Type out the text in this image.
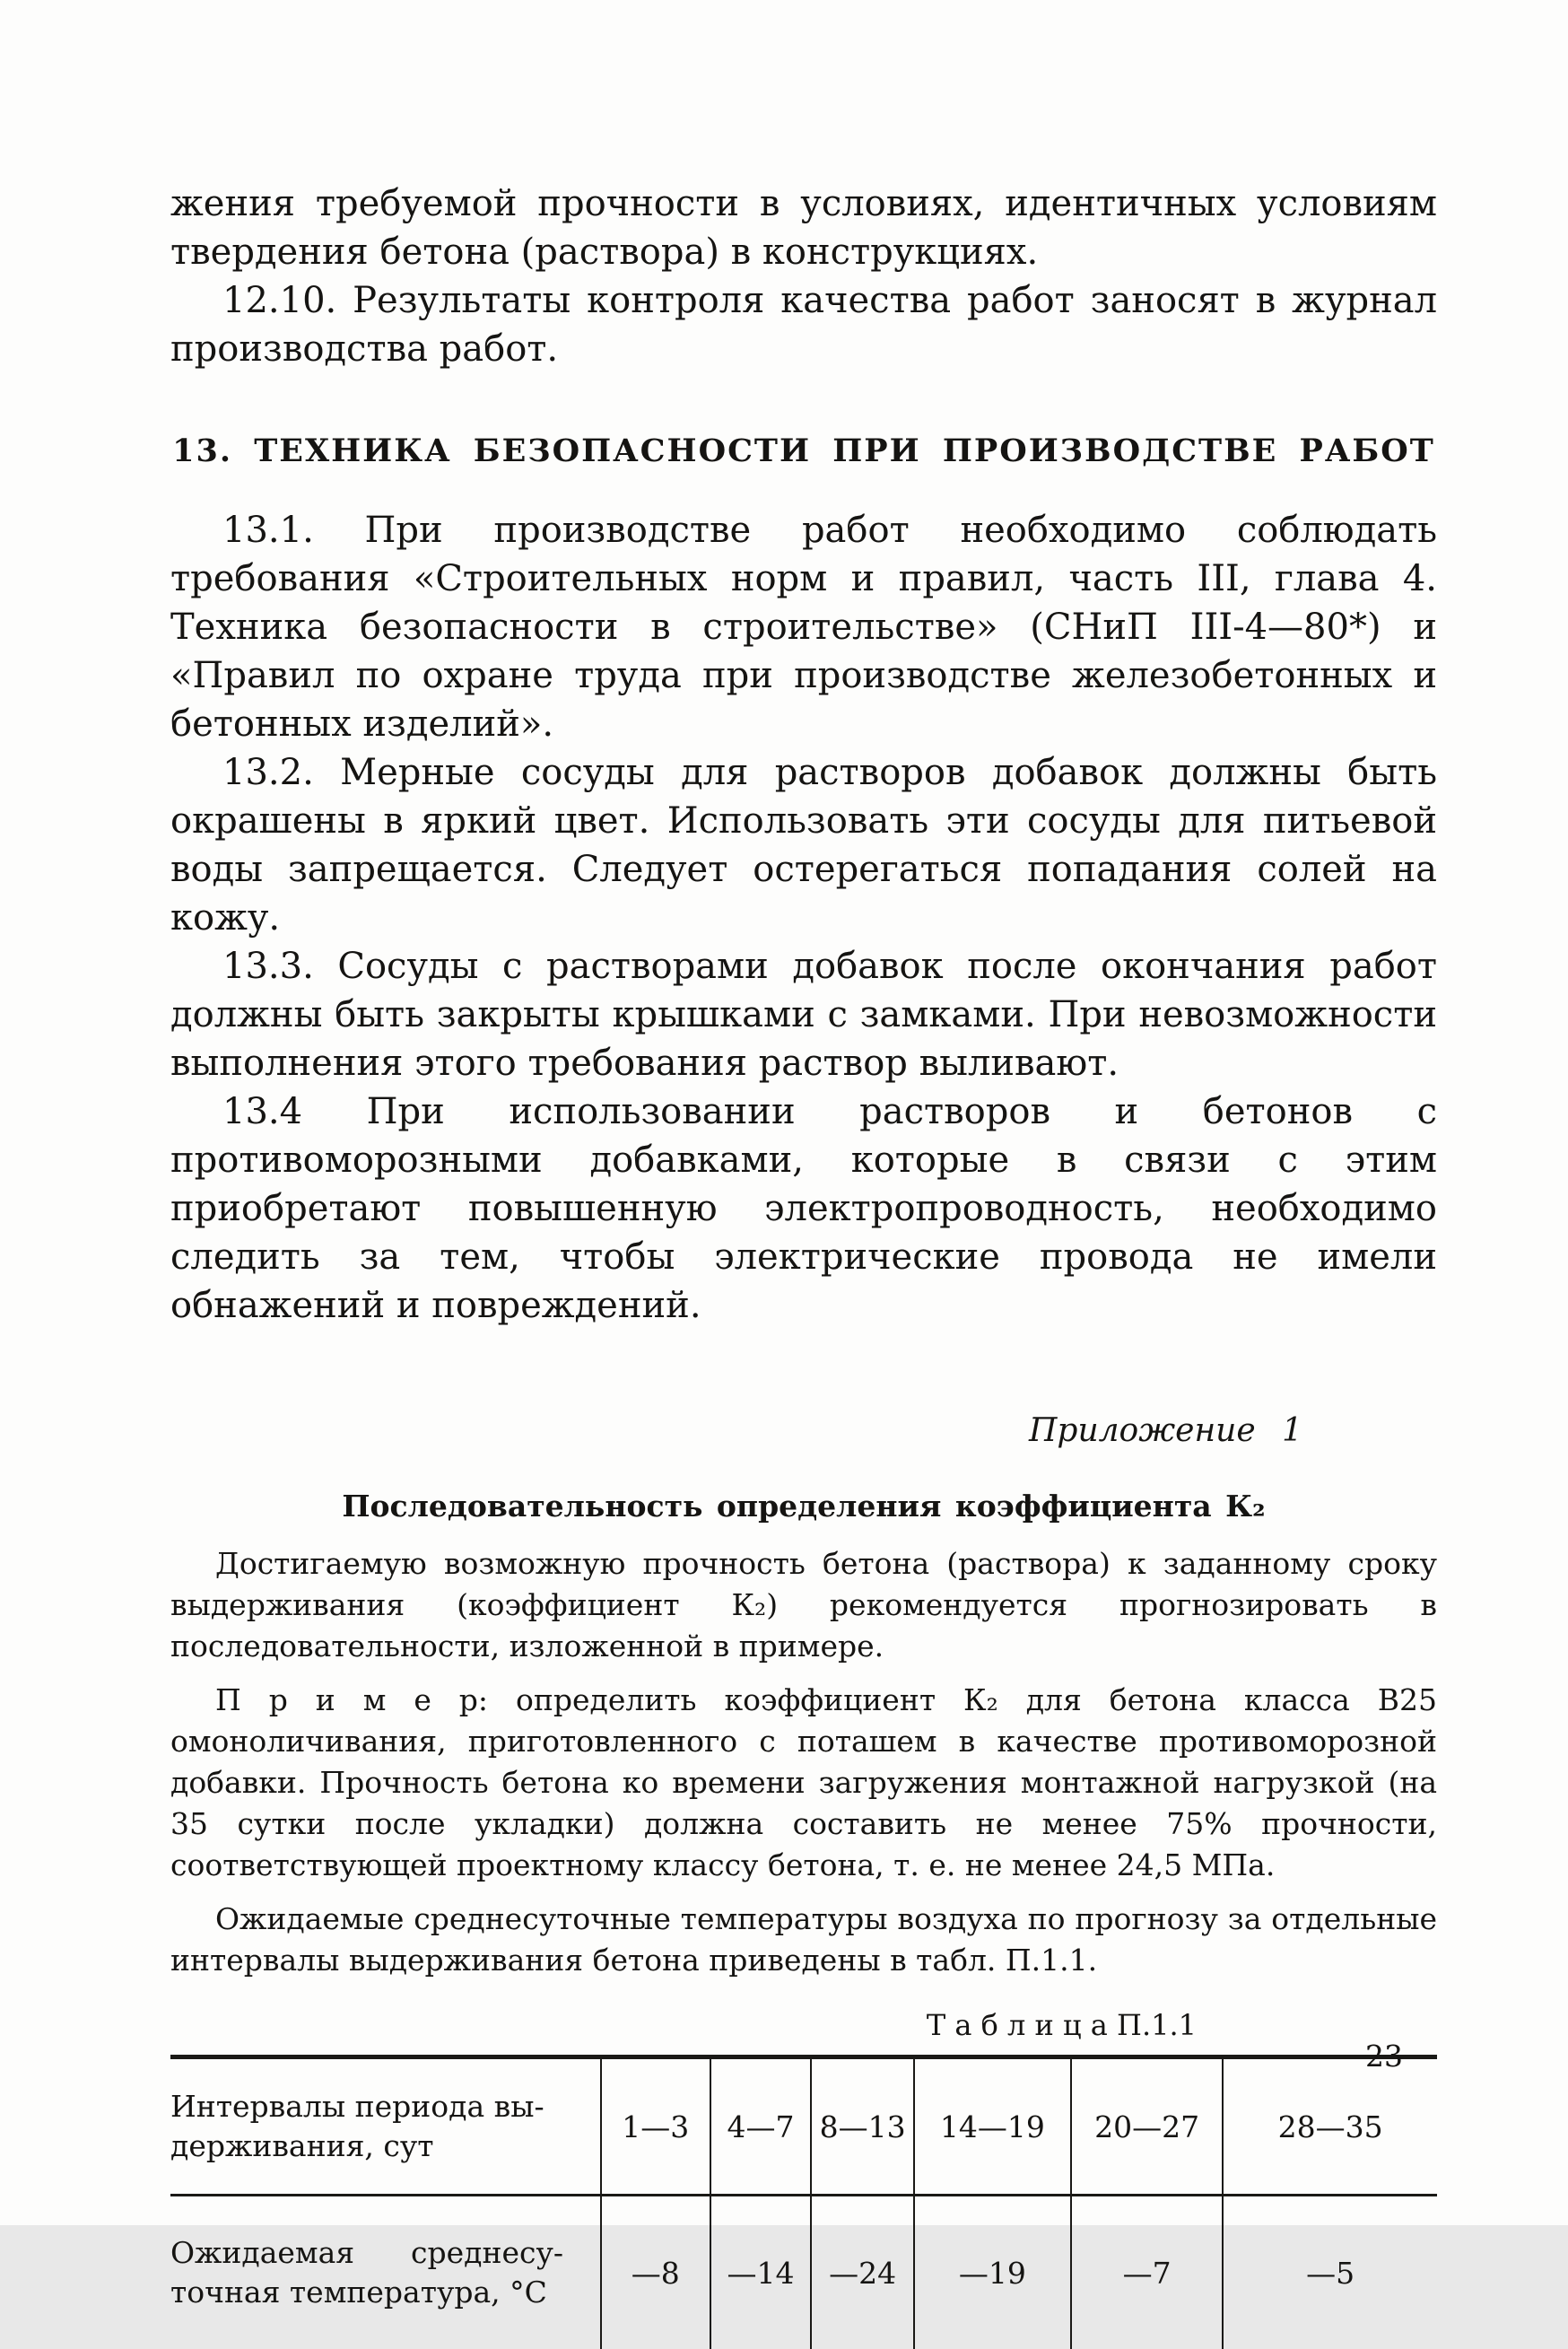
жения требуемой прочности в условиях, идентичных условиям твердения бетона (раствора) в конструкциях.

12.10. Результаты контроля качества работ заносят в журнал производства работ.

13. ТЕХНИКА БЕЗОПАСНОСТИ ПРИ ПРОИЗВОДСТВЕ РАБОТ

13.1. При производстве работ необходимо соблюдать требования «Строительных норм и правил, часть III, глава 4. Техника безопасности в строительстве» (СНиП III-4—80*) и «Правил по охране труда при производстве железобетонных и бетонных изделий».

13.2. Мерные сосуды для растворов добавок должны быть окрашены в яркий цвет. Использовать эти сосуды для питьевой воды запрещается. Следует остерегаться попадания солей на кожу.

13.3. Сосуды с растворами добавок после окончания работ должны быть закрыты крышками с замками. При невозможности выполнения этого требования раствор выливают.

13.4 При использовании растворов и бетонов с противоморозными добавками, которые в связи с этим приобретают повышенную электропроводность, необходимо следить за тем, чтобы электрические провода не имели обнажений и повреждений.

Приложение 1
Последовательность определения коэффициента К₂

Достигаемую возможную прочность бетона (раствора) к заданному сроку выдерживания (коэффициент К₂) рекомендуется прогнозировать в последовательности, изложенной в примере.

П р и м е р: определить коэффициент К₂ для бетона класса В25 омоноличивания, приготовленного с поташем в качестве противоморозной добавки. Прочность бетона ко времени загружения монтажной нагрузкой (на 35 сутки после укладки) должна составить не менее 75% прочности, соответствующей проектному классу бетона, т. е. не менее 24,5 МПа.

Ожидаемые среднесуточные температуры воздуха по прогнозу за отдельные интервалы выдерживания бетона приведены в табл. П.1.1.

Т а б л и ц а П.1.1
Интервалы периода вы-
держивания, сут	1—3	4—7	8—13	14—19	20—27	28—35

Ожидаемая      среднесу-
точная температура, °С	—8	—14	—24	—19	—7	—5
23
